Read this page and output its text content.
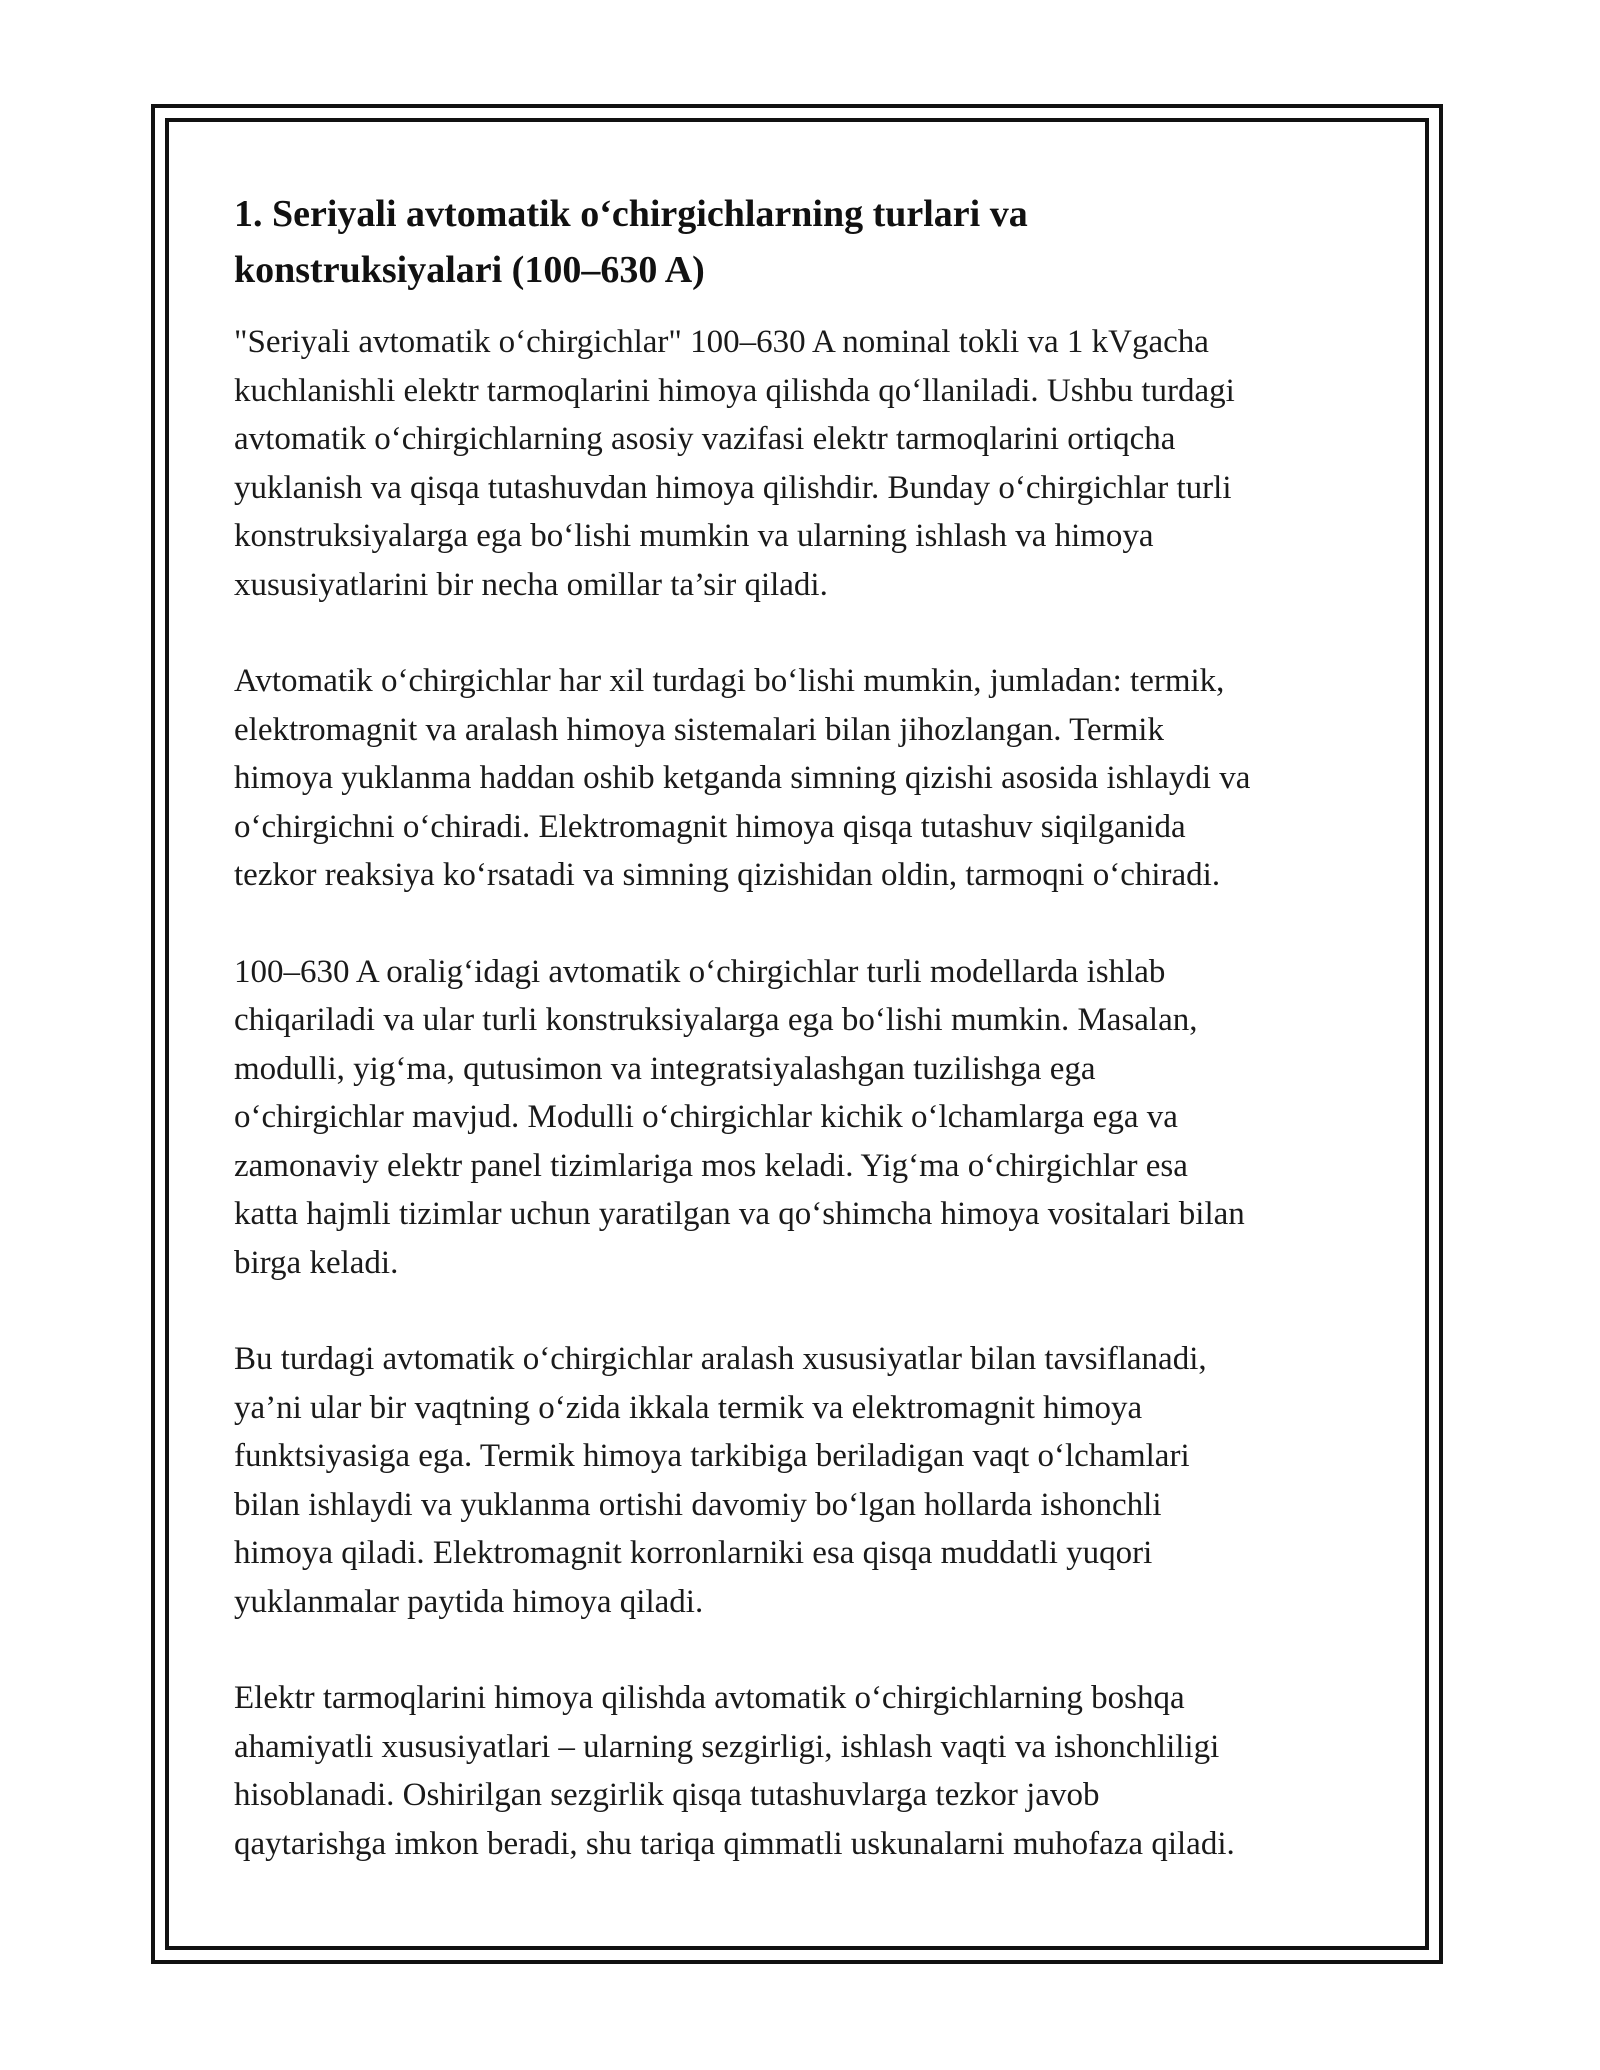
1. Seriyali avtomatik oʻchirgichlarning turlari va
konstruksiyalari (100–630 A)

"Seriyali avtomatik oʻchirgichlar" 100–630 A nominal tokli va 1 kVgacha
kuchlanishli elektr tarmoqlarini himoya qilishda qoʻllaniladi. Ushbu turdagi
avtomatik oʻchirgichlarning asosiy vazifasi elektr tarmoqlarini ortiqcha
yuklanish va qisqa tutashuvdan himoya qilishdir. Bunday oʻchirgichlar turli
konstruksiyalarga ega boʻlishi mumkin va ularning ishlash va himoya
xususiyatlarini bir necha omillar ta’sir qiladi.

Avtomatik oʻchirgichlar har xil turdagi boʻlishi mumkin, jumladan: termik,
elektromagnit va aralash himoya sistemalari bilan jihozlangan. Termik
himoya yuklanma haddan oshib ketganda simning qizishi asosida ishlaydi va
oʻchirgichni oʻchiradi. Elektromagnit himoya qisqa tutashuv siqilganida
tezkor reaksiya koʻrsatadi va simning qizishidan oldin, tarmoqni oʻchiradi.

100–630 A oraligʻidagi avtomatik oʻchirgichlar turli modellarda ishlab
chiqariladi va ular turli konstruksiyalarga ega boʻlishi mumkin. Masalan,
modulli, yigʻma, qutusimon va integratsiyalashgan tuzilishga ega
oʻchirgichlar mavjud. Modulli oʻchirgichlar kichik oʻlchamlarga ega va
zamonaviy elektr panel tizimlariga mos keladi. Yigʻma oʻchirgichlar esa
katta hajmli tizimlar uchun yaratilgan va qoʻshimcha himoya vositalari bilan
birga keladi.

Bu turdagi avtomatik oʻchirgichlar aralash xususiyatlar bilan tavsiflanadi,
ya’ni ular bir vaqtning oʻzida ikkala termik va elektromagnit himoya
funktsiyasiga ega. Termik himoya tarkibiga beriladigan vaqt oʻlchamlari
bilan ishlaydi va yuklanma ortishi davomiy boʻlgan hollarda ishonchli
himoya qiladi. Elektromagnit korronlarniki esa qisqa muddatli yuqori
yuklanmalar paytida himoya qiladi.

Elektr tarmoqlarini himoya qilishda avtomatik oʻchirgichlarning boshqa
ahamiyatli xususiyatlari – ularning sezgirligi, ishlash vaqti va ishonchliligi
hisoblanadi. Oshirilgan sezgirlik qisqa tutashuvlarga tezkor javob
qaytarishga imkon beradi, shu tariqa qimmatli uskunalarni muhofaza qiladi.
